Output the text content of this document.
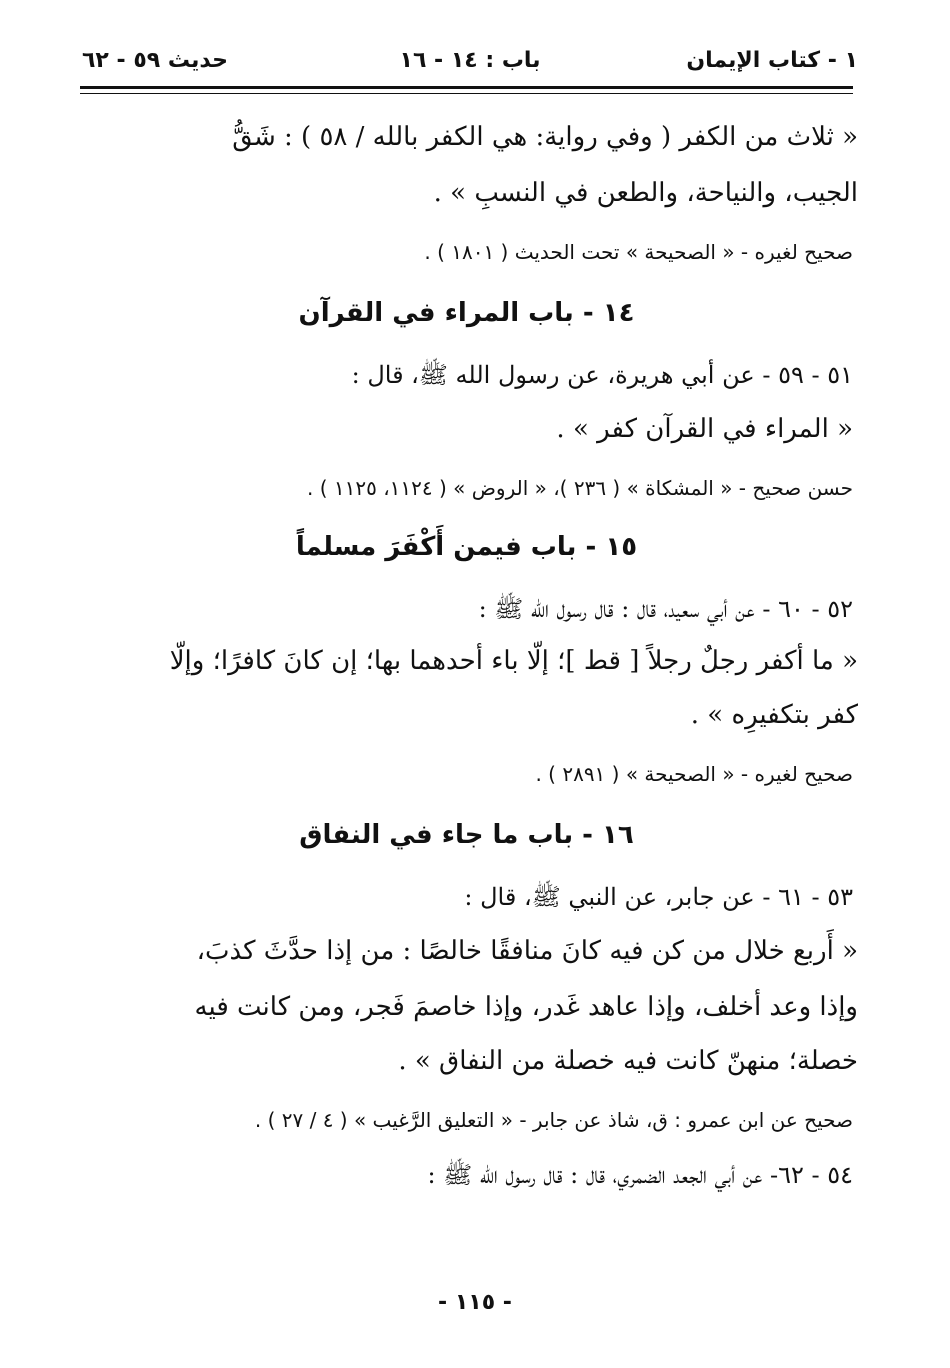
١ - كتاب الإيمان
باب : ١٤ - ١٦
حديث ٥٩ - ٦٢
« ثلاث من الكفر ( وفي رواية: هي الكفر بالله / ٥٨ ) : شَقُّ
الجيب، والنياحة، والطعن في النسبِ » .
صحيح لغيره - « الصحيحة » تحت الحديث ( ١٨٠١ ) .
١٤ - باب المراء في القرآن
٥١ - ٥٩ - عن أبي هريرة، عن رسول الله ﷺ، قال :
« المراء في القرآن كفر » .
حسن صحيح - « المشكاة » ( ٢٣٦ )، « الروض » ( ١١٢٤، ١١٢٥ ) .
١٥ - باب فيمن أَكْفَرَ مسلماً
٥٢ - ٦٠ - عن أبي سعيد، قال : قال رسول الله ﷺ :
« ما أكفر رجلٌ رجلاً [ قط ]؛ إلّا باء أحدهما بها؛ إن كانَ كافرًا؛ وإلّا
كفر بتكفيرِه » .
صحيح لغيره - « الصحيحة » ( ٢٨٩١ ) .
١٦ - باب ما جاء في النفاق
٥٣ - ٦١ - عن جابر، عن النبي ﷺ، قال :
« أَربع خلال من كن فيه كانَ منافقًا خالصًا : من إذا حدَّثَ كذبَ،
وإذا وعد أخلف، وإذا عاهد غَدر، وإذا خاصمَ فَجر، ومن كانت فيه
خصلة؛ منهنّ كانت فيه خصلة من النفاق » .
صحيح عن ابن عمرو : ق، شاذ عن جابر - « التعليق الرَّغيب » ( ٤ / ٢٧ ) .
٥٤ - ٦٢- عن أبي الجعد الضمري، قال : قال رسول الله ﷺ :
- ١١٥ -
